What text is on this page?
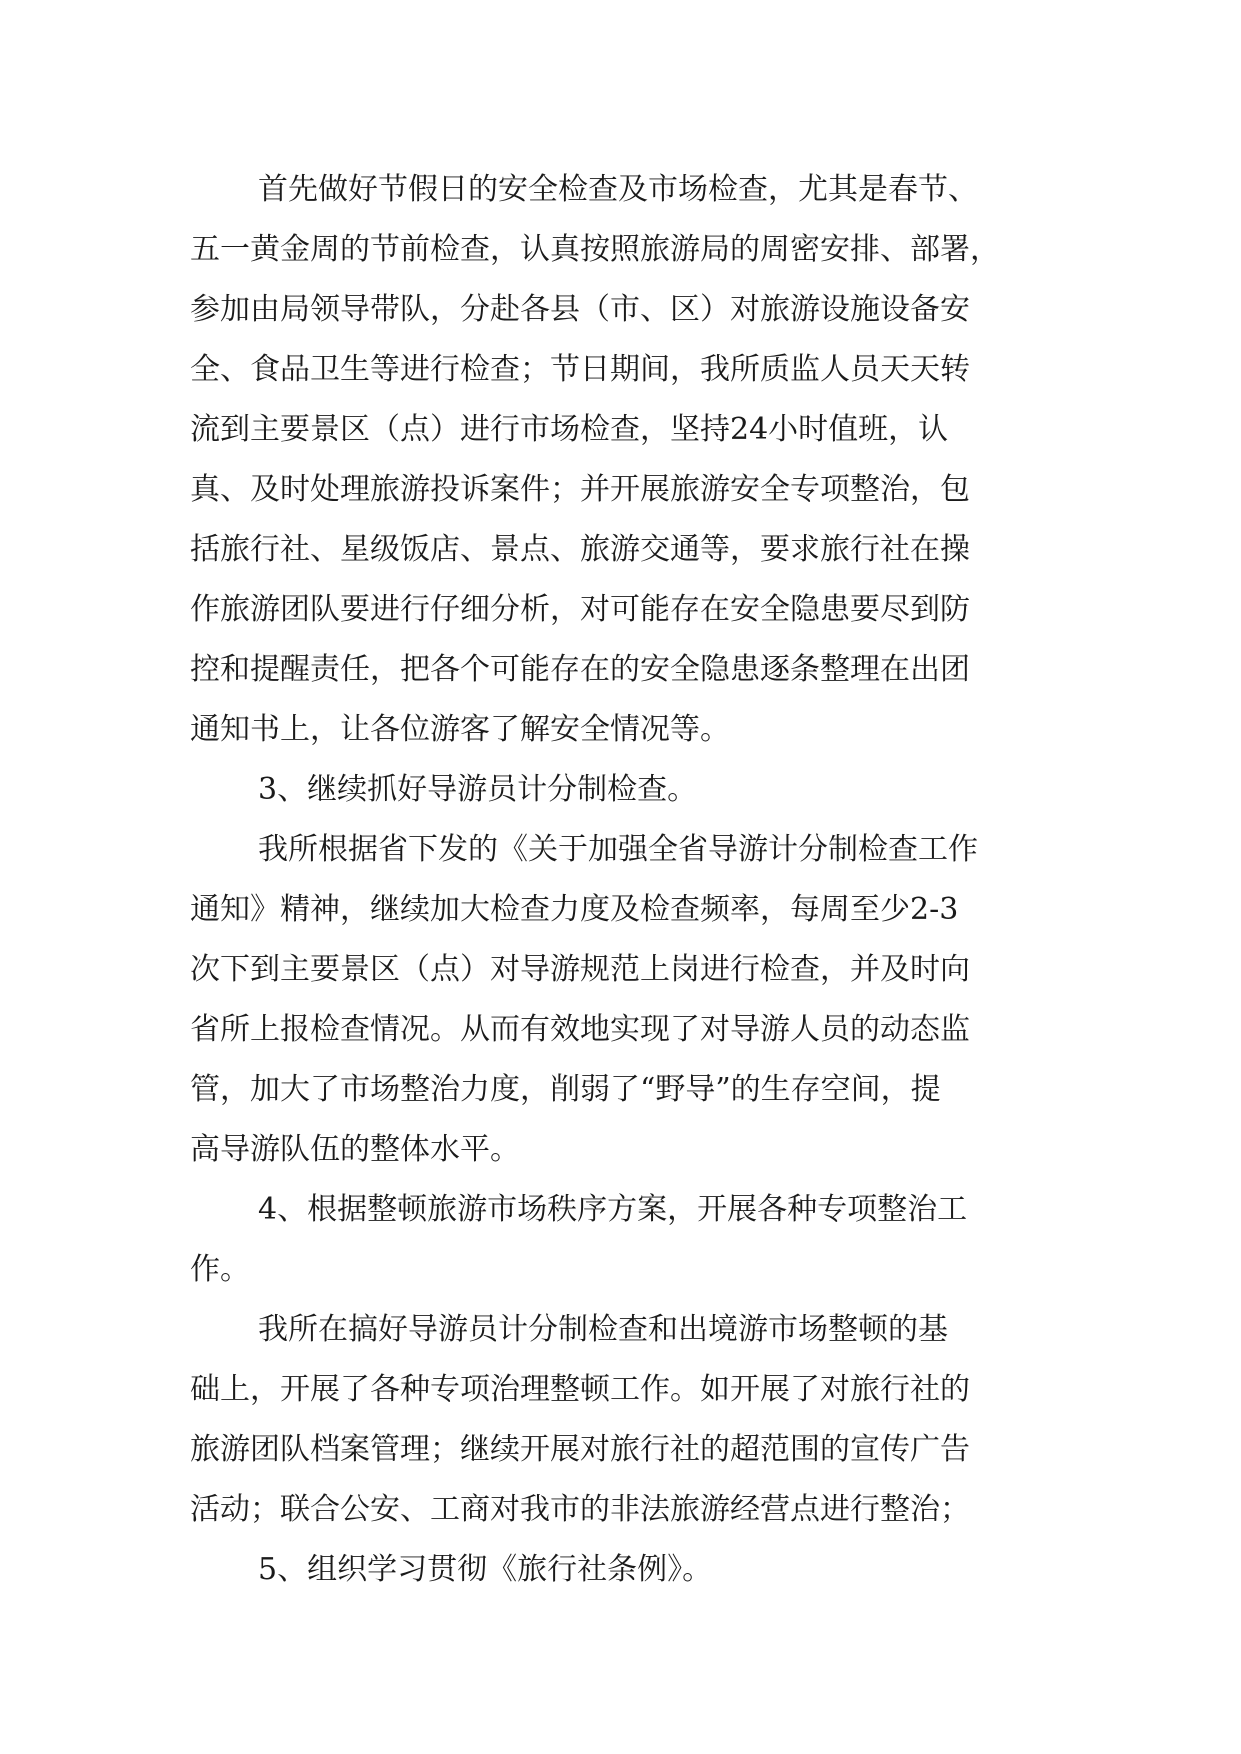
首先做好节假日的安全检查及市场检查，尤其是春节、
五一黄金周的节前检查，认真按照旅游局的周密安排、部署，
参加由局领导带队，分赴各县（市、区）对旅游设施设备安
全、食品卫生等进行检查；节日期间，我所质监人员天天转
流到主要景区（点）进行市场检查，坚持24小时值班，认
真、及时处理旅游投诉案件；并开展旅游安全专项整治，包
括旅行社、星级饭店、景点、旅游交通等，要求旅行社在操
作旅游团队要进行仔细分析，对可能存在安全隐患要尽到防
控和提醒责任，把各个可能存在的安全隐患逐条整理在出团
通知书上，让各位游客了解安全情况等。
3、继续抓好导游员计分制检查。
我所根据省下发的《关于加强全省导游计分制检查工作
通知》精神，继续加大检查力度及检查频率，每周至少2-3
次下到主要景区（点）对导游规范上岗进行检查，并及时向
省所上报检查情况。从而有效地实现了对导游人员的动态监
管，加大了市场整治力度，削弱了“野导”的生存空间，提
高导游队伍的整体水平。
4、根据整顿旅游市场秩序方案，开展各种专项整治工
作。
我所在搞好导游员计分制检查和出境游市场整顿的基
础上，开展了各种专项治理整顿工作。如开展了对旅行社的
旅游团队档案管理；继续开展对旅行社的超范围的宣传广告
活动；联合公安、工商对我市的非法旅游经营点进行整治；
5、组织学习贯彻《旅行社条例》。
